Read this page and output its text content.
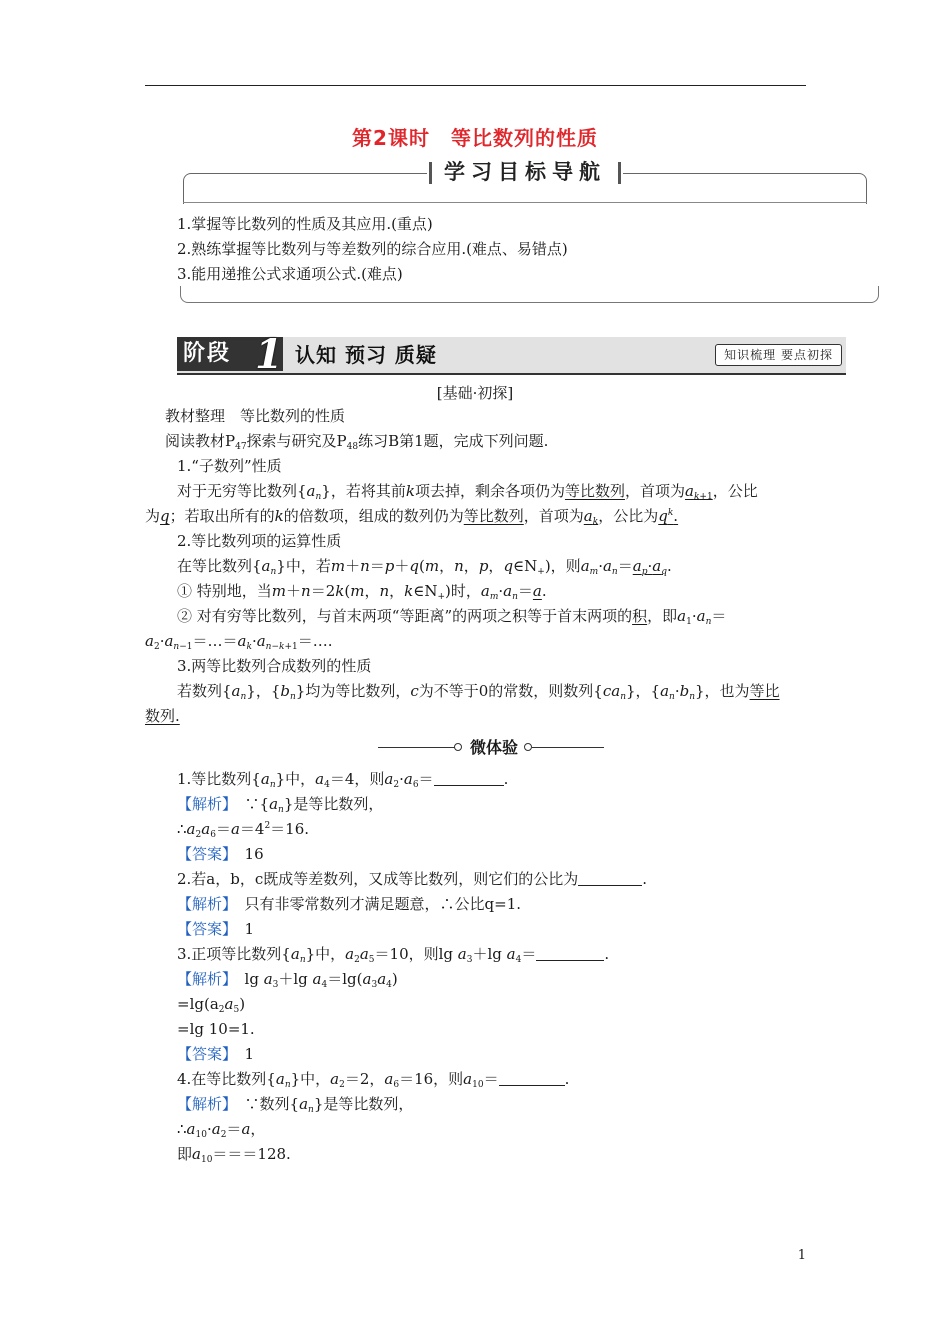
第2课时　等比数列的性质
学习目标导航
1.掌握等比数列的性质及其应用.(重点)
2.熟练掌握等比数列与等差数列的综合应用.(难点、易错点)
3.能用递推公式求通项公式.(难点)
阶段 1 认知 预习 质疑	知识梳理 要点初探
[基础·初探]
教材整理　等比数列的性质
阅读教材$P_{47}$探索与研究及$P_{48}$练习B第1题，完成下列问题.
1.“子数列”性质
对于无穷等比数列$\{a_n\}$，若将其前k项去掉，剩余各项仍为等比数列，首项为$a_{k+1}$，公比
为q；若取出所有的k的倍数项，组成的数列仍为等比数列，首项为$a_k$，公比为$q^k$.
2.等比数列项的运算性质
在等比数列$\{a_n\}$中，若m＋n＝p＋q(m，n，p，$q\in N_+$)，则$a_m\cdot a_n=a_p\cdot a_q$.
① 特别地，当m＋n＝2k(m，n，$k\in N_+$)时，$a_m\cdot a_n=a$.
② 对有穷等比数列，与首末两项“等距离”的两项之积等于首末两项的积，即$a_1\cdot a_n=$
$a_2\cdot a_{n-1}=\dots=a_k\cdot a_{n-k+1}=\dots$.
3.两等比数列合成数列的性质
若数列$\{a_n\}$，$\{b_n\}$均为等比数列，c为不等于0的常数，则数列$\{ca_n\}$，$\{a_n\cdot b_n\}$，也为等比
数列.
微体验
1.等比数列$\{a_n\}$中，$a_4=4$，则$a_2\cdot a_6=$	.
【解析】　$\because\{a_n\}$是等比数列，
$\therefore a_2a_6=a=4^2=16$.
【答案】　 16
2.若a，b，c既成等差数列，又成等比数列，则它们的公比为	.
【解析】　 只有非零常数列才满足题意，∴公比q=1.
【答案】　 1
3.正项等比数列$\{a_n\}$中，$a_2a_5=10$，则$\lg a_3+\lg$ $a_4=$	.
【解析】　$\lg a_3+\lg$ $a_4=\lg(a_3a_4)$
$=\lg(a_2a_5)$
=lg 10=1.
【答案】　 1
4.在等比数列$\{a_n\}$中，$a_2=2$，$a_6=16$，则$a_{10}=$	.
【解析】　∵数列$\{a_n\}$是等比数列，
$\therefore a_{10}\cdot a_2=a$，
即$a_{10}===128$.
1
